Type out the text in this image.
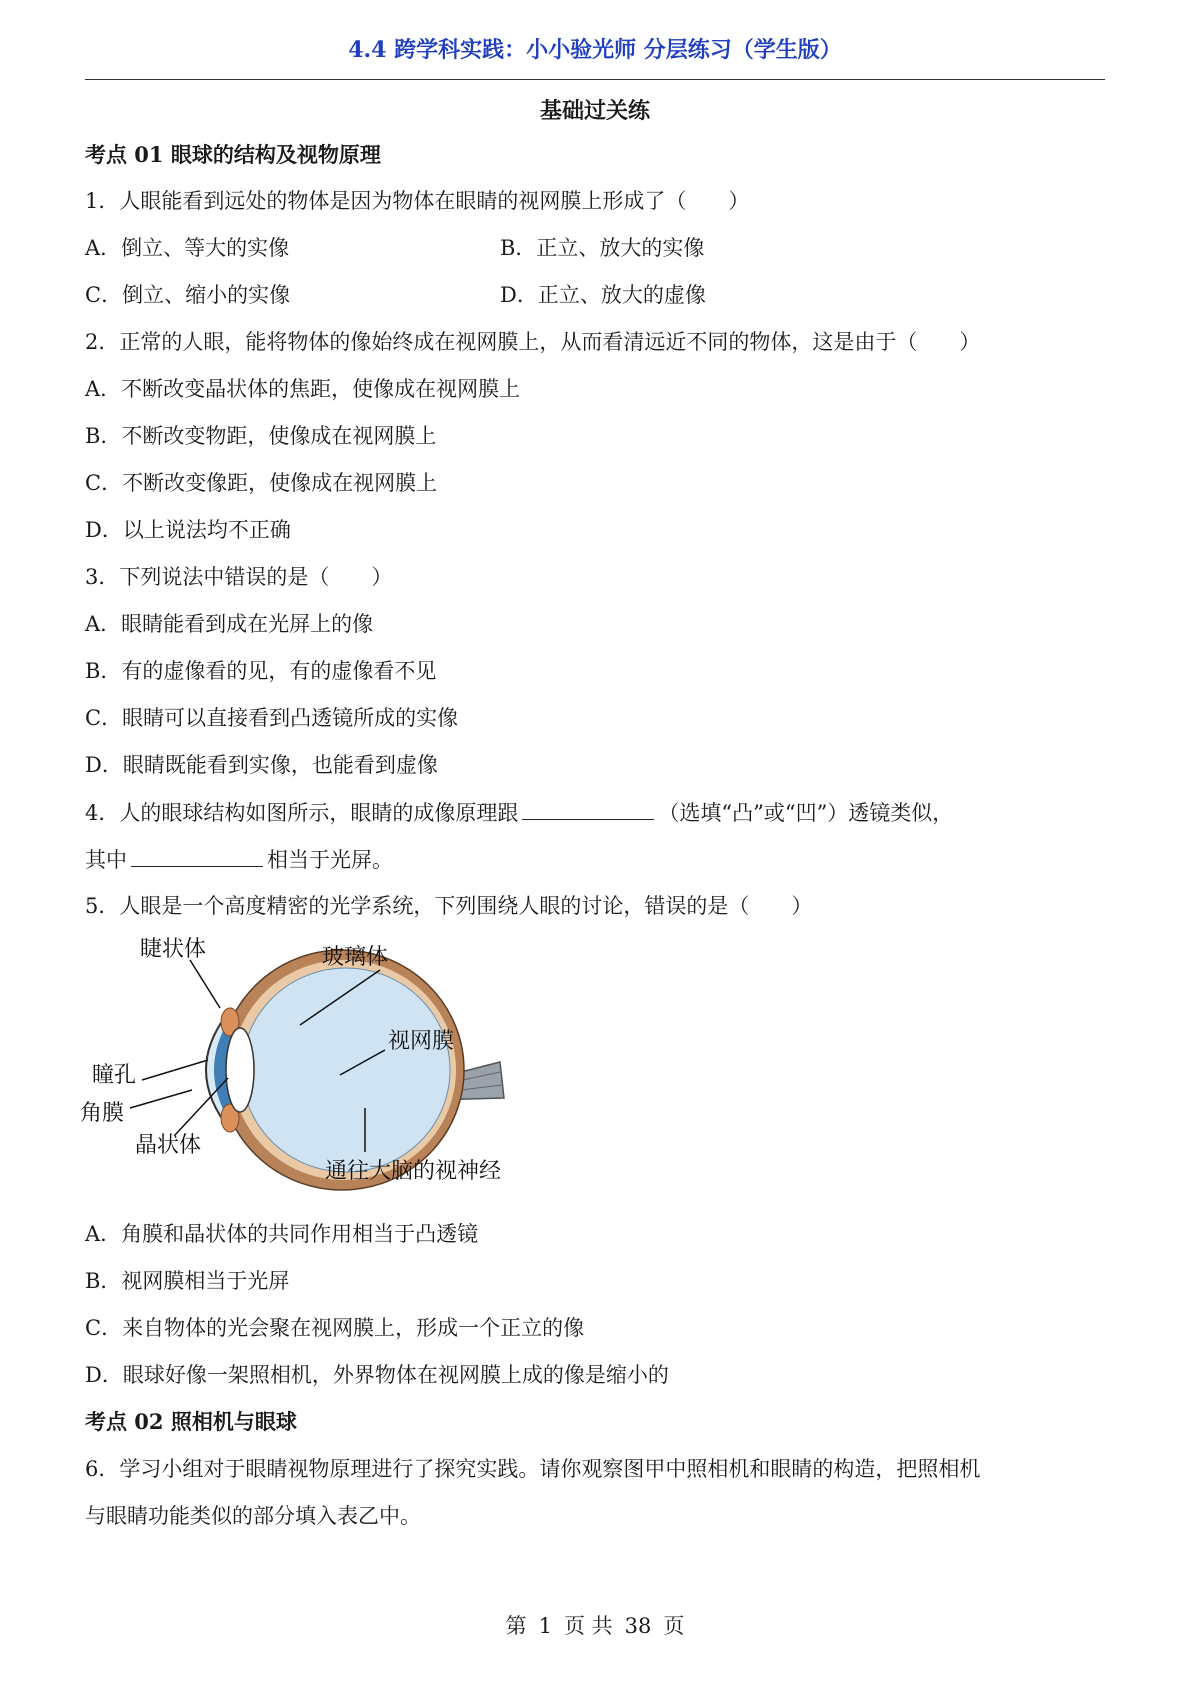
4.4 跨学科实践：小小验光师 分层练习（学生版）
基础过关练
考点 01 眼球的结构及视物原理
1．人眼能看到远处的物体是因为物体在眼睛的视网膜上形成了（　　）
A．倒立、等大的实像	B．正立、放大的实像
C．倒立、缩小的实像	D．正立、放大的虚像
2．正常的人眼，能将物体的像始终成在视网膜上，从而看清远近不同的物体，这是由于（　　）
A．不断改变晶状体的焦距，使像成在视网膜上
B．不断改变物距，使像成在视网膜上
C．不断改变像距，使像成在视网膜上
D．以上说法均不正确
3．下列说法中错误的是（　　）
A．眼睛能看到成在光屏上的像
B．有的虚像看的见，有的虚像看不见
C．眼睛可以直接看到凸透镜所成的实像
D．眼睛既能看到实像，也能看到虚像
4．人的眼球结构如图所示，眼睛的成像原理跟	（选填“凸”或“凹”）透镜类似，
其中	相当于光屏。
5．人眼是一个高度精密的光学系统，下列围绕人眼的讨论，错误的是（　　）
睫状体	玻璃体
视网膜
瞳孔
角膜
晶状体
通往大脑的视神经
A．角膜和晶状体的共同作用相当于凸透镜
B．视网膜相当于光屏
C．来自物体的光会聚在视网膜上，形成一个正立的像
D．眼球好像一架照相机，外界物体在视网膜上成的像是缩小的
考点 02 照相机与眼球
6．学习小组对于眼睛视物原理进行了探究实践。请你观察图甲中照相机和眼睛的构造，把照相机
与眼睛功能类似的部分填入表乙中。
第 1 页 共 38 页
